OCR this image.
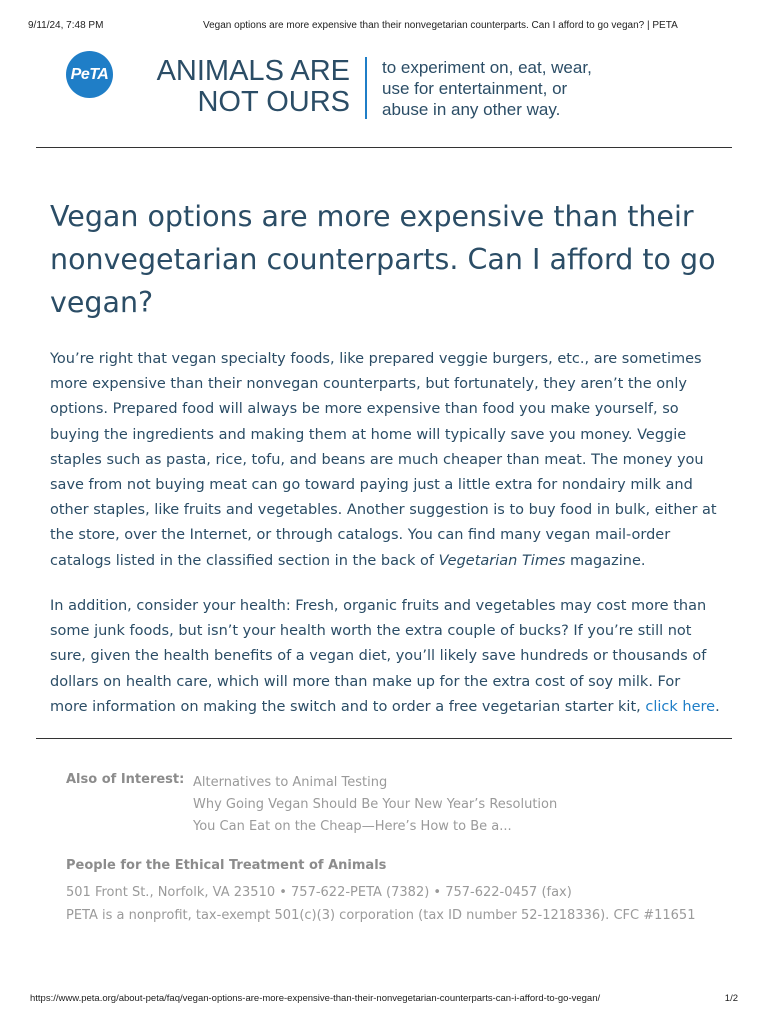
9/11/24, 7:48 PM	Vegan options are more expensive than their nonvegetarian counterparts. Can I afford to go vegan? | PETA
PeTA ANIMALS ARE
NOT OURS
to experiment on, eat, wear,
use for entertainment, or
abuse in any other way.
Vegan options are more expensive than their nonvegetarian counterparts. Can I afford to go vegan?

You’re right that vegan specialty foods, like prepared veggie burgers, etc., are sometimes more expensive than their nonvegan counterparts, but fortunately, they aren’t the only options. Prepared food will always be more expensive than food you make yourself, so buying the ingredients and making them at home will typically save you money. Veggie staples such as pasta, rice, tofu, and beans are much cheaper than meat. The money you save from not buying meat can go toward paying just a little extra for nondairy milk and other staples, like fruits and vegetables. Another suggestion is to buy food in bulk, either at the store, over the Internet, or through catalogs. You can find many vegan mail-order catalogs listed in the classified section in the back of Vegetarian Times magazine.

In addition, consider your health: Fresh, organic fruits and vegetables may cost more than some junk foods, but isn’t your health worth the extra couple of bucks? If you’re still not sure, given the health benefits of a vegan diet, you’ll likely save hundreds or thousands of dollars on health care, which will more than make up for the extra cost of soy milk. For more information on making the switch and to order a free vegetarian starter kit, click here.

Also of Interest: Alternatives to Animal Testing
Why Going Vegan Should Be Your New Year’s Resolution
You Can Eat on the Cheap—Here’s How to Be a...
People for the Ethical Treatment of Animals
501 Front St., Norfolk, VA 23510 • 757-622-PETA (7382) • 757-622-0457 (fax)
PETA is a nonprofit, tax-exempt 501(c)(3) corporation (tax ID number 52-1218336). CFC #11651
https://www.peta.org/about-peta/faq/vegan-options-are-more-expensive-than-their-nonvegetarian-counterparts-can-i-afford-to-go-vegan/	1/2
